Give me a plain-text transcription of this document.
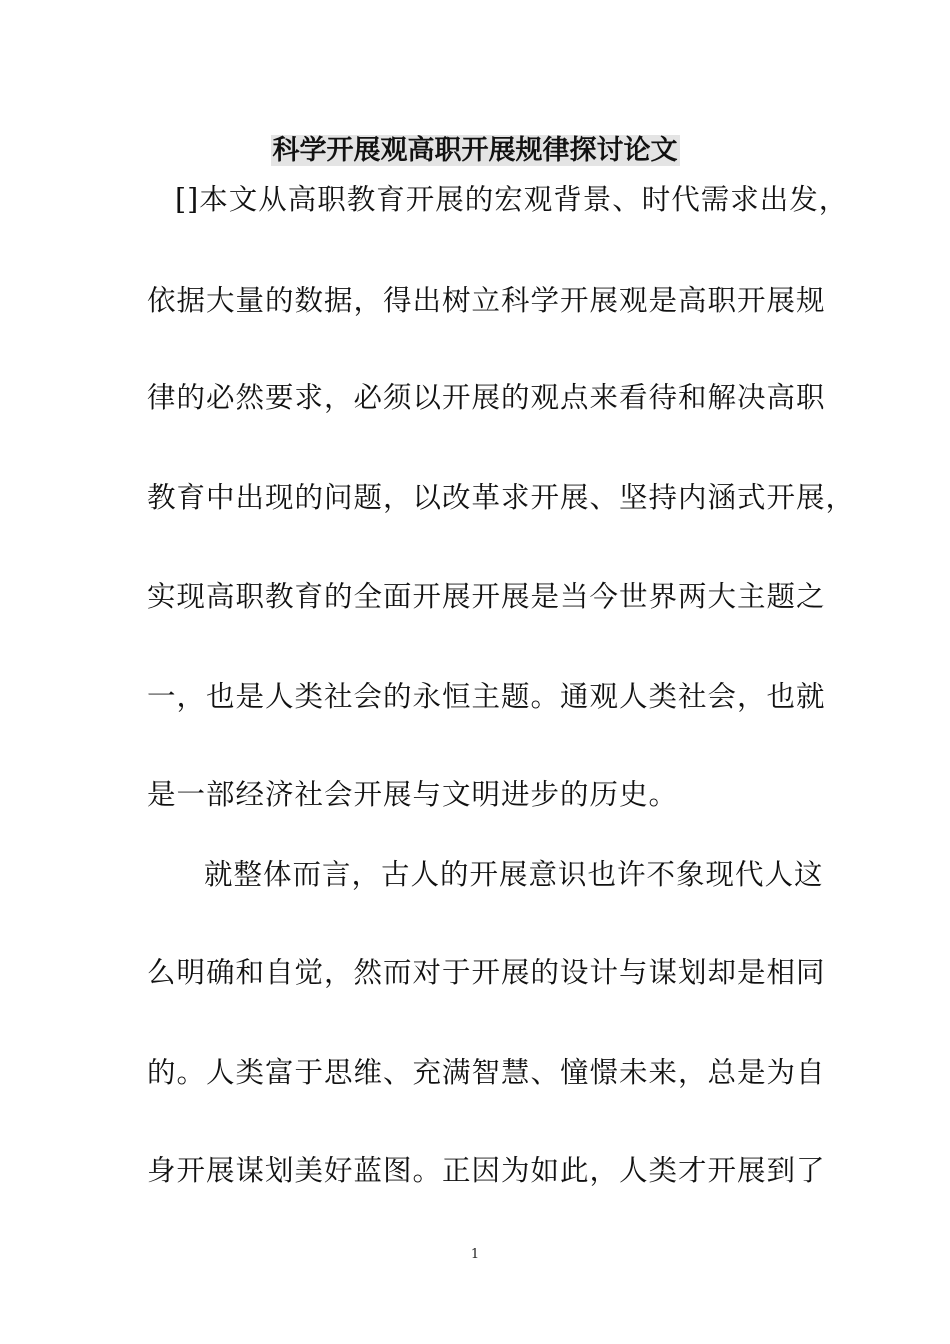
科学开展观高职开展规律探讨论文
[]本文从高职教育开展的宏观背景、时代需求出发，
依据大量的数据，得出树立科学开展观是高职开展规
律的必然要求，必须以开展的观点来看待和解决高职
教育中出现的问题，以改革求开展、坚持内涵式开展，
实现高职教育的全面开展开展是当今世界两大主题之
一，也是人类社会的永恒主题。通观人类社会，也就
是一部经济社会开展与文明进步的历史。
就整体而言，古人的开展意识也许不象现代人这
么明确和自觉，然而对于开展的设计与谋划却是相同
的。人类富于思维、充满智慧、憧憬未来，总是为自
身开展谋划美好蓝图。正因为如此，人类才开展到了
1
